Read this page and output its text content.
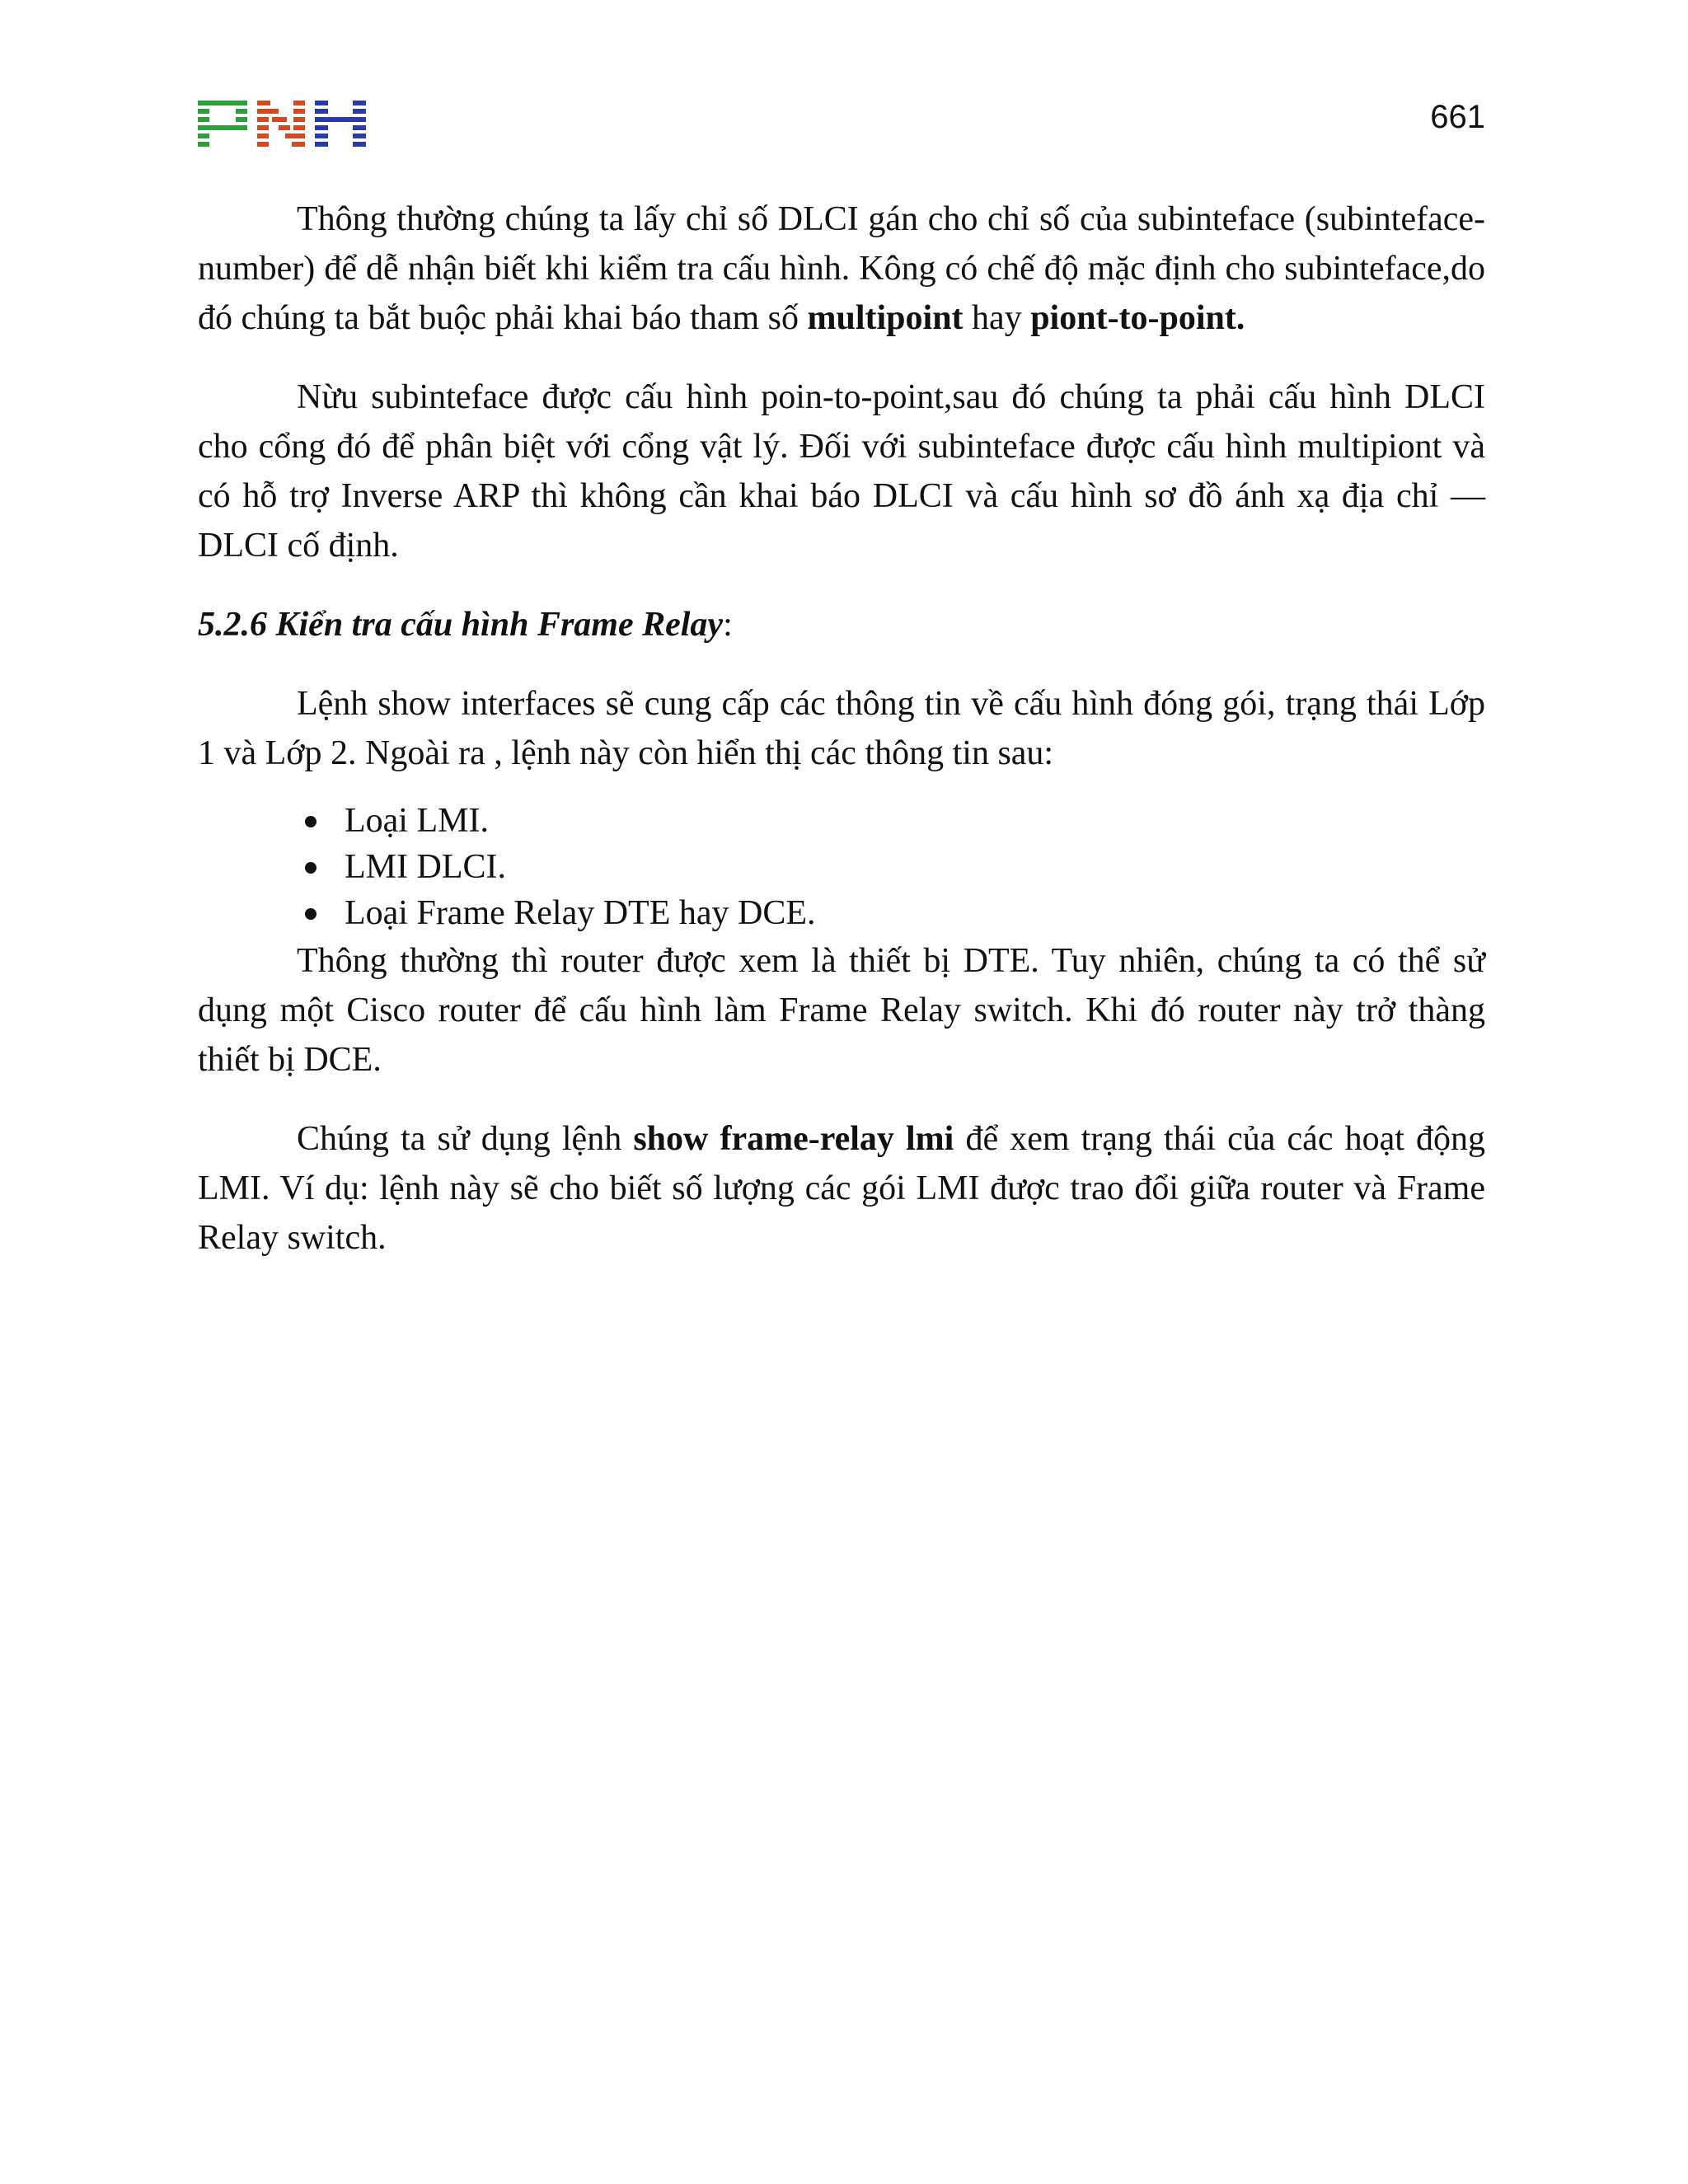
661

Thông thường chúng ta lấy chỉ số DLCI gán cho chỉ số của subinteface (subinteface-number) để dễ nhận biết khi kiểm tra cấu hình. Kông có chế độ mặc định cho subinteface,do đó chúng ta bắt buộc phải khai báo tham số multipoint hay piont-to-point.

Nừu subinteface được cấu hình poin-to-point,sau đó chúng ta phải cấu hình DLCI cho cổng đó để phân biệt với cổng vật lý. Đối với subinteface được cấu hình multipiont và có hỗ trợ Inverse ARP thì không cần khai báo DLCI và cấu hình sơ đồ ánh xạ địa chỉ — DLCI cố định.

5.2.6 Kiển tra cấu hình Frame Relay:

Lệnh show interfaces sẽ cung cấp các thông tin về cấu hình đóng gói, trạng thái Lớp 1 và Lớp 2. Ngoài ra , lệnh này còn hiển thị các thông tin sau:

Loại LMI.
LMI DLCI.
Loại Frame Relay DTE hay DCE.

Thông thường thì router được xem là thiết bị DTE. Tuy nhiên, chúng ta có thể sử dụng một Cisco router để cấu hình làm Frame Relay switch. Khi đó router này trở thàng thiết bị DCE.

Chúng ta sử dụng lệnh show frame-relay lmi để xem trạng thái của các hoạt động LMI. Ví dụ: lệnh này sẽ cho biết số lượng các gói LMI được trao đổi giữa router và Frame Relay switch.
